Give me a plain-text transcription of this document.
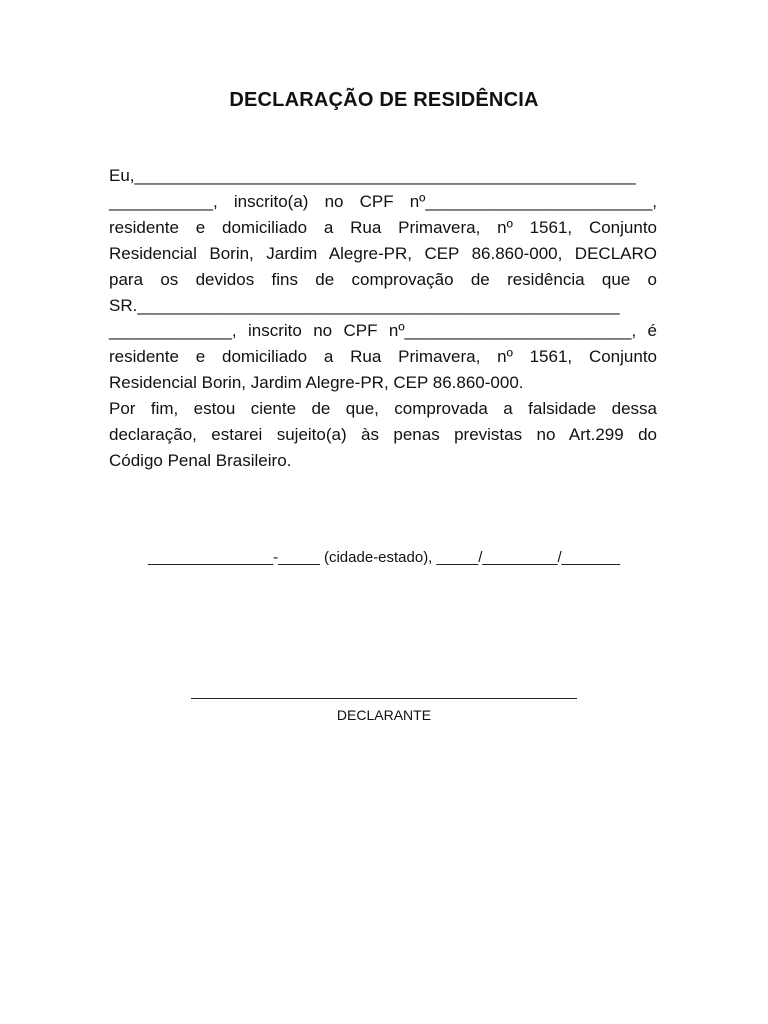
DECLARAÇÃO DE RESIDÊNCIA
Eu,_____________________________________________________
___________, inscrito(a) no CPF nº________________________,
residente e domiciliado a Rua Primavera, nº 1561, Conjunto
Residencial Borin, Jardim Alegre-PR, CEP 86.860-000, DECLARO
para os devidos fins de comprovação de residência que o
SR.___________________________________________________
_____________, inscrito no CPF nº________________________, é
residente e domiciliado a Rua Primavera, nº 1561, Conjunto
Residencial Borin, Jardim Alegre-PR, CEP 86.860-000.
Por fim, estou ciente de que, comprovada a falsidade dessa
declaração, estarei sujeito(a) às penas previstas no Art.299 do
Código Penal Brasileiro.
_______________-_____ (cidade-estado), _____/_________/_______
DECLARANTE
